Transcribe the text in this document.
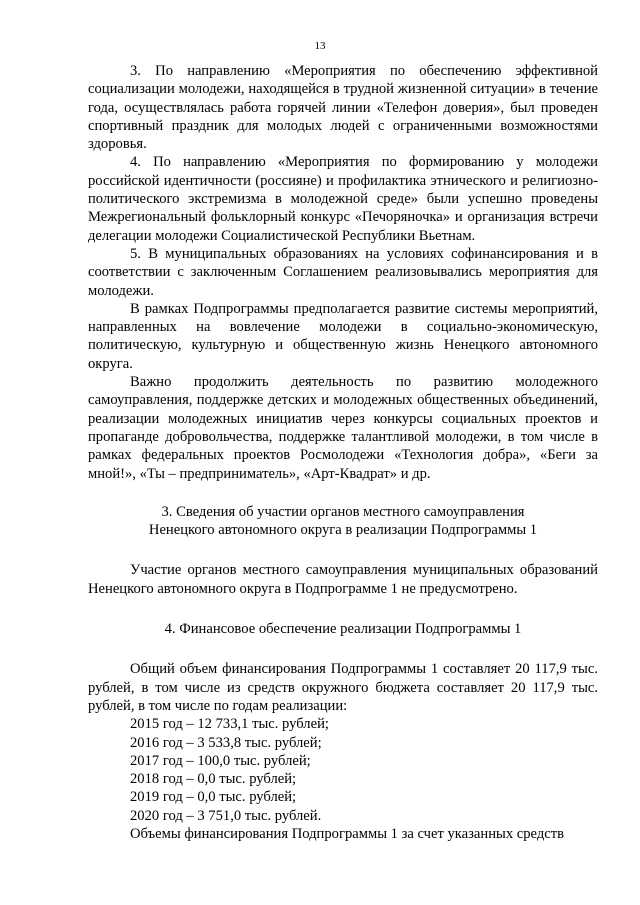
13

3. По направлению «Мероприятия по обеспечению эффективной социализации молодежи, находящейся в трудной жизненной ситуации» в течение года, осуществлялась работа горячей линии «Телефон доверия», был проведен спортивный праздник для молодых людей с ограниченными возможностями здоровья.

4. По направлению «Мероприятия по формированию у молодежи российской идентичности (россияне) и профилактика этнического и религиозно-политического экстремизма в молодежной среде» были успешно проведены Межрегиональный фольклорный конкурс «Печоряночка» и организация встречи делегации молодежи Социалистической Республики Вьетнам.

5. В муниципальных образованиях на условиях софинансирования и в соответствии с заключенным Соглашением реализовывались мероприятия для молодежи.

В рамках Подпрограммы предполагается развитие системы мероприятий, направленных на вовлечение молодежи в социально-экономическую, политическую, культурную и общественную жизнь Ненецкого автономного округа.

Важно продолжить деятельность по развитию молодежного самоуправления, поддержке детских и молодежных общественных объединений, реализации молодежных инициатив через конкурсы социальных проектов и пропаганде добровольчества, поддержке талантливой молодежи, в том числе в рамках федеральных проектов Росмолодежи «Технология добра», «Беги за мной!», «Ты – предприниматель», «Арт-Квадрат» и др.

3. Сведения об участии органов местного самоуправления
Ненецкого автономного округа в реализации Подпрограммы 1

Участие органов местного самоуправления муниципальных образований Ненецкого автономного округа в Подпрограмме 1 не предусмотрено.

4. Финансовое обеспечение реализации Подпрограммы 1

Общий объем финансирования Подпрограммы 1 составляет 20 117,9 тыс. рублей, в том числе из средств окружного бюджета составляет 20 117,9 тыс. рублей, в том числе по годам реализации:

2015 год – 12 733,1 тыс. рублей;
2016 год – 3 533,8 тыс. рублей;
2017 год – 100,0 тыс. рублей;
2018 год – 0,0 тыс. рублей;
2019 год – 0,0 тыс. рублей;
2020 год – 3 751,0 тыс. рублей.

Объемы финансирования Подпрограммы 1 за счет указанных средств
